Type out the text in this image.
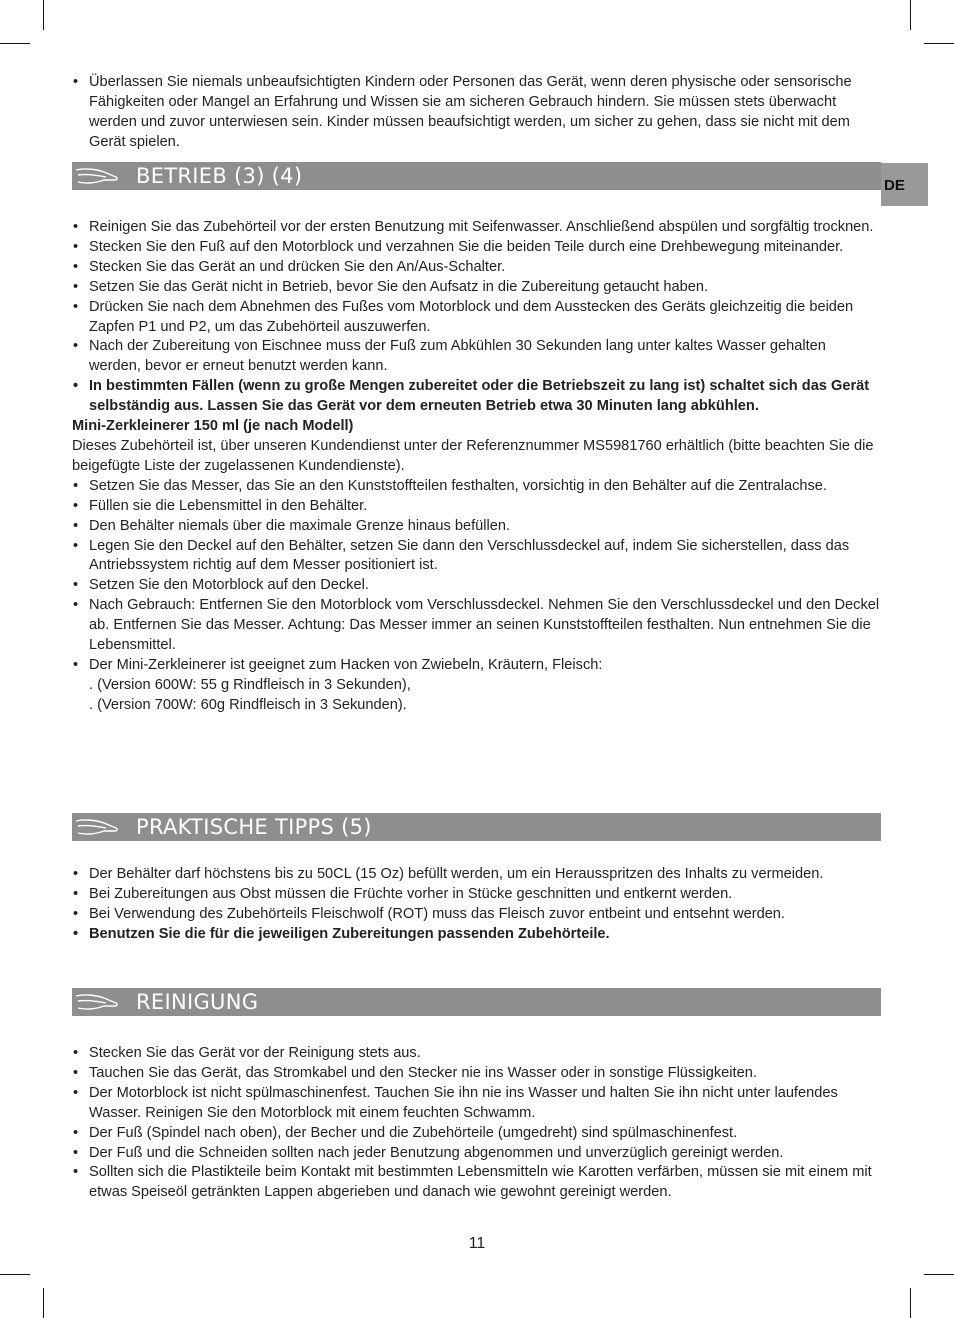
• Überlassen Sie niemals unbeaufsichtigten Kindern oder Personen das Gerät, wenn deren physische oder sensorische Fähigkeiten oder Mangel an Erfahrung und Wissen sie am sicheren Gebrauch hindern. Sie müssen stets überwacht werden und zuvor unterwiesen sein. Kinder müssen beaufsichtigt werden, um sicher zu gehen, dass sie nicht mit dem Gerät spielen.
DE
BETRIEB (3) (4)
• Reinigen Sie das Zubehörteil vor der ersten Benutzung mit Seifenwasser. Anschließend abspülen und sorgfältig trocknen.
• Stecken Sie den Fuß auf den Motorblock und verzahnen Sie die beiden Teile durch eine Drehbewegung miteinander.
• Stecken Sie das Gerät an und drücken Sie den An/Aus-Schalter.
• Setzen Sie das Gerät nicht in Betrieb, bevor Sie den Aufsatz in die Zubereitung getaucht haben.
• Drücken Sie nach dem Abnehmen des Fußes vom Motorblock und dem Ausstecken des Geräts gleichzeitig die beiden Zapfen P1 und P2, um das Zubehörteil auszuwerfen.
• Nach der Zubereitung von Eischnee muss der Fuß zum Abkühlen 30 Sekunden lang unter kaltes Wasser gehalten werden, bevor er erneut benutzt werden kann.
• In bestimmten Fällen (wenn zu große Mengen zubereitet oder die Betriebszeit zu lang ist) schaltet sich das Gerät selbständig aus. Lassen Sie das Gerät vor dem erneuten Betrieb etwa 30 Minuten lang abkühlen.
Mini-Zerkleinerer 150 ml (je nach Modell)
Dieses Zubehörteil ist, über unseren Kundendienst unter der Referenznummer MS5981760 erhältlich (bitte beachten Sie die beigefügte Liste der zugelassenen Kundendienste).
• Setzen Sie das Messer, das Sie an den Kunststoffteilen festhalten, vorsichtig in den Behälter auf die Zentralachse.
• Füllen sie die Lebensmittel in den Behälter.
• Den Behälter niemals über die maximale Grenze hinaus befüllen.
• Legen Sie den Deckel auf den Behälter, setzen Sie dann den Verschlussdeckel auf, indem Sie sicherstellen, dass das Antriebssystem richtig auf dem Messer positioniert ist.
• Setzen Sie den Motorblock auf den Deckel.
• Nach Gebrauch: Entfernen Sie den Motorblock vom Verschlussdeckel. Nehmen Sie den Verschlussdeckel und den Deckel ab. Entfernen Sie das Messer. Achtung: Das Messer immer an seinen Kunststoffteilen festhalten. Nun entnehmen Sie die Lebensmittel.
• Der Mini-Zerkleinerer ist geeignet zum Hacken von Zwiebeln, Kräutern, Fleisch:
. (Version 600W: 55 g Rindfleisch in 3 Sekunden),
. (Version 700W: 60g Rindfleisch in 3 Sekunden).
PRAKTISCHE TIPPS (5)
• Der Behälter darf höchstens bis zu 50CL (15 Oz) befüllt werden, um ein Herausspritzen des Inhalts zu vermeiden.
• Bei Zubereitungen aus Obst müssen die Früchte vorher in Stücke geschnitten und entkernt werden.
• Bei Verwendung des Zubehörteils Fleischwolf (ROT) muss das Fleisch zuvor entbeint und entsehnt werden.
• Benutzen Sie die für die jeweiligen Zubereitungen passenden Zubehörteile.
REINIGUNG
• Stecken Sie das Gerät vor der Reinigung stets aus.
• Tauchen Sie das Gerät, das Stromkabel und den Stecker nie ins Wasser oder in sonstige Flüssigkeiten.
• Der Motorblock ist nicht spülmaschinenfest. Tauchen Sie ihn nie ins Wasser und halten Sie ihn nicht unter laufendes Wasser. Reinigen Sie den Motorblock mit einem feuchten Schwamm.
• Der Fuß (Spindel nach oben), der Becher und die Zubehörteile (umgedreht) sind spülmaschinenfest.
• Der Fuß und die Schneiden sollten nach jeder Benutzung abgenommen und unverzüglich gereinigt werden.
• Sollten sich die Plastikteile beim Kontakt mit bestimmten Lebensmitteln wie Karotten verfärben, müssen sie mit einem mit etwas Speiseöl getränkten Lappen abgerieben und danach wie gewohnt gereinigt werden.
11
